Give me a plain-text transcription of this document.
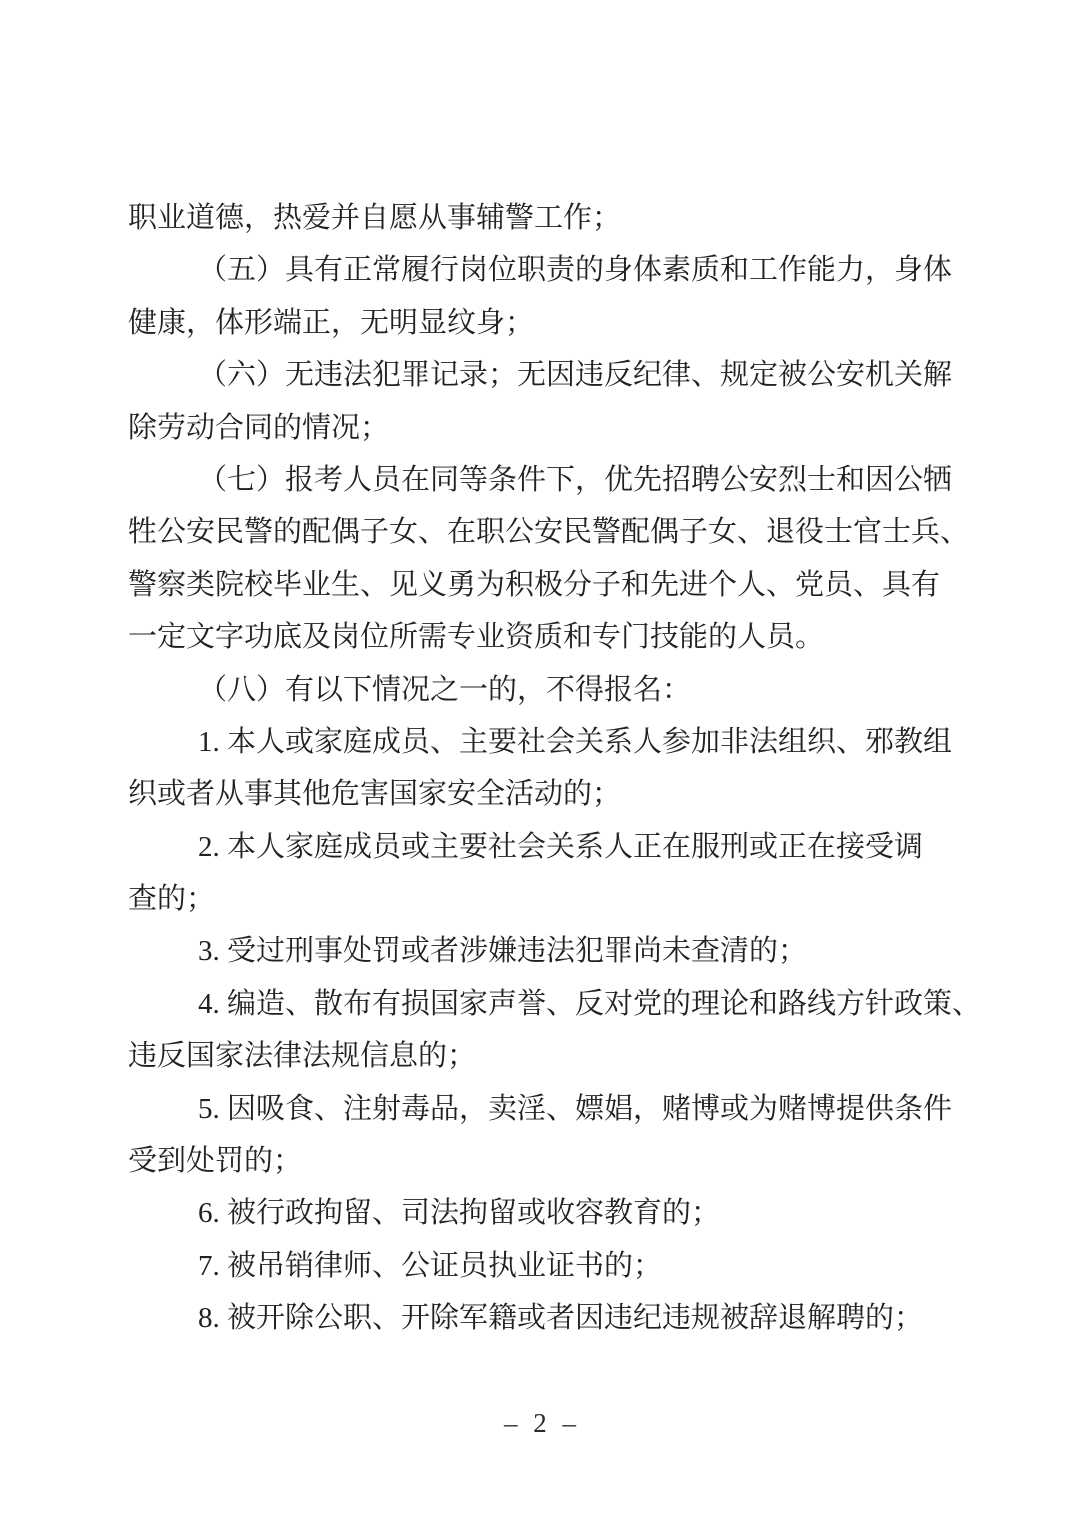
职业道德，热爱并自愿从事辅警工作；
（五）具有正常履行岗位职责的身体素质和工作能力，身体
健康，体形端正，无明显纹身；
（六）无违法犯罪记录；无因违反纪律、规定被公安机关解
除劳动合同的情况；
（七）报考人员在同等条件下，优先招聘公安烈士和因公牺
牲公安民警的配偶子女、在职公安民警配偶子女、退役士官士兵、
警察类院校毕业生、见义勇为积极分子和先进个人、党员、具有
一定文字功底及岗位所需专业资质和专门技能的人员。
（八）有以下情况之一的，不得报名：
1. 本人或家庭成员、主要社会关系人参加非法组织、邪教组
织或者从事其他危害国家安全活动的；
2. 本人家庭成员或主要社会关系人正在服刑或正在接受调
查的；
3. 受过刑事处罚或者涉嫌违法犯罪尚未查清的；
4. 编造、散布有损国家声誉、反对党的理论和路线方针政策、
违反国家法律法规信息的；
5. 因吸食、注射毒品，卖淫、嫖娼，赌博或为赌博提供条件
受到处罚的；
6. 被行政拘留、司法拘留或收容教育的；
7. 被吊销律师、公证员执业证书的；
8. 被开除公职、开除军籍或者因违纪违规被辞退解聘的；
– 2 –
